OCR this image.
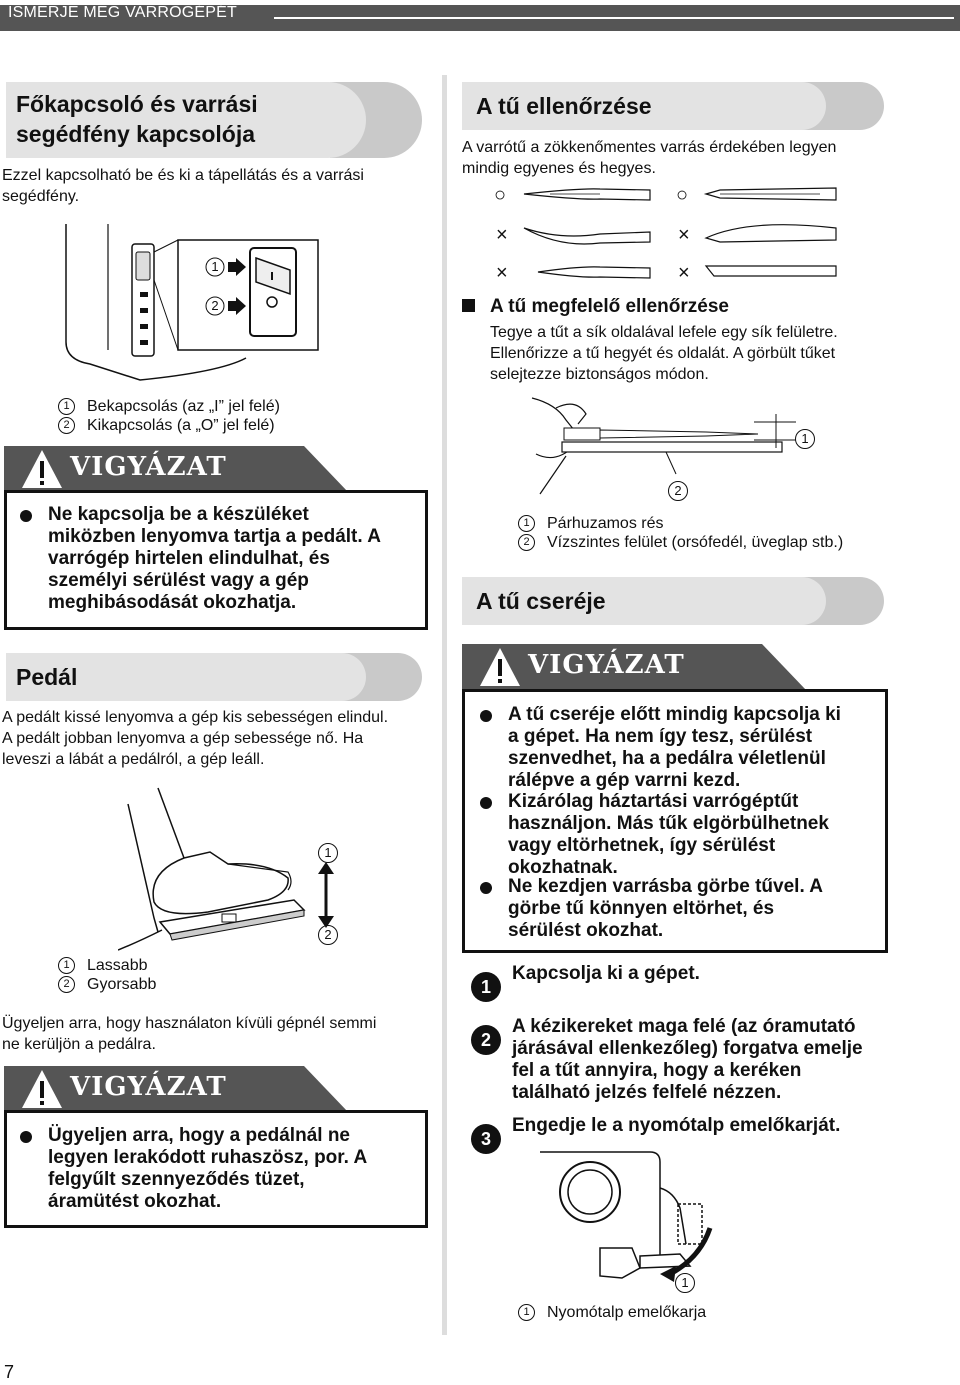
ISMERJE MEG VARRÓGÉPÉT
Főkapcsoló és varrási
segédfény kapcsolója
Ezzel kapcsolható be és ki a tápellátás és a varrási
segédfény.
1
2
1 Bekapcsolás (az „I” jel felé)
2 Kikapcsolás (a „O” jel felé)
VIGYÁZAT
Ne kapcsolja be a készüléket
miközben lenyomva tartja a pedált. A
varrógép hirtelen elindulhat, és
személyi sérülést vagy a gép
meghibásodását okozhatja.
Pedál
A pedált kissé lenyomva a gép kis sebességen elindul.
A pedált jobban lenyomva a gép sebessége nő. Ha
leveszi a lábát a pedálról, a gép leáll.
1
2
1 Lassabb
2 Gyorsabb
Ügyeljen arra, hogy használaton kívüli gépnél semmi
ne kerüljön a pedálra.
VIGYÁZAT
Ügyeljen arra, hogy a pedálnál ne
legyen lerakódott ruhaszösz, por. A
felgyűlt szennyeződés tüzet,
áramütést okozhat.
7
A tű ellenőrzése
A varrótű a zökkenőmentes varrás érdekében legyen
mindig egyenes és hegyes.
○	○
×	×
×	×
A tű megfelelő ellenőrzése
Tegye a tűt a sík oldalával lefele egy sík felületre.
Ellenőrizze a tű hegyét és oldalát. A görbült tűket
selejtezze biztonságos módon.
1
2
1 Párhuzamos rés
2 Vízszintes felület (orsófedél, üveglap stb.)
A tű cseréje
VIGYÁZAT
A tű cseréje előtt mindig kapcsolja ki
a gépet. Ha nem így tesz, sérülést
szenvedhet, ha a pedálra véletlenül
rálépve a gép varrni kezd.
Kizárólag háztartási varrógéptűt
használjon. Más tűk elgörbülhetnek
vagy eltörhetnek, így sérülést
okozhatnak.
Ne kezdjen varrásba görbe tűvel. A
görbe tű könnyen eltörhet, és
sérülést okozhat.
1
Kapcsolja ki a gépet.
2
A kézikereket maga felé (az óramutató
járásával ellenkezőleg) forgatva emelje
fel a tűt annyira, hogy a keréken
található jelzés felfelé nézzen.
3
Engedje le a nyomótalp emelőkarját.
1
1 Nyomótalp emelőkarja
